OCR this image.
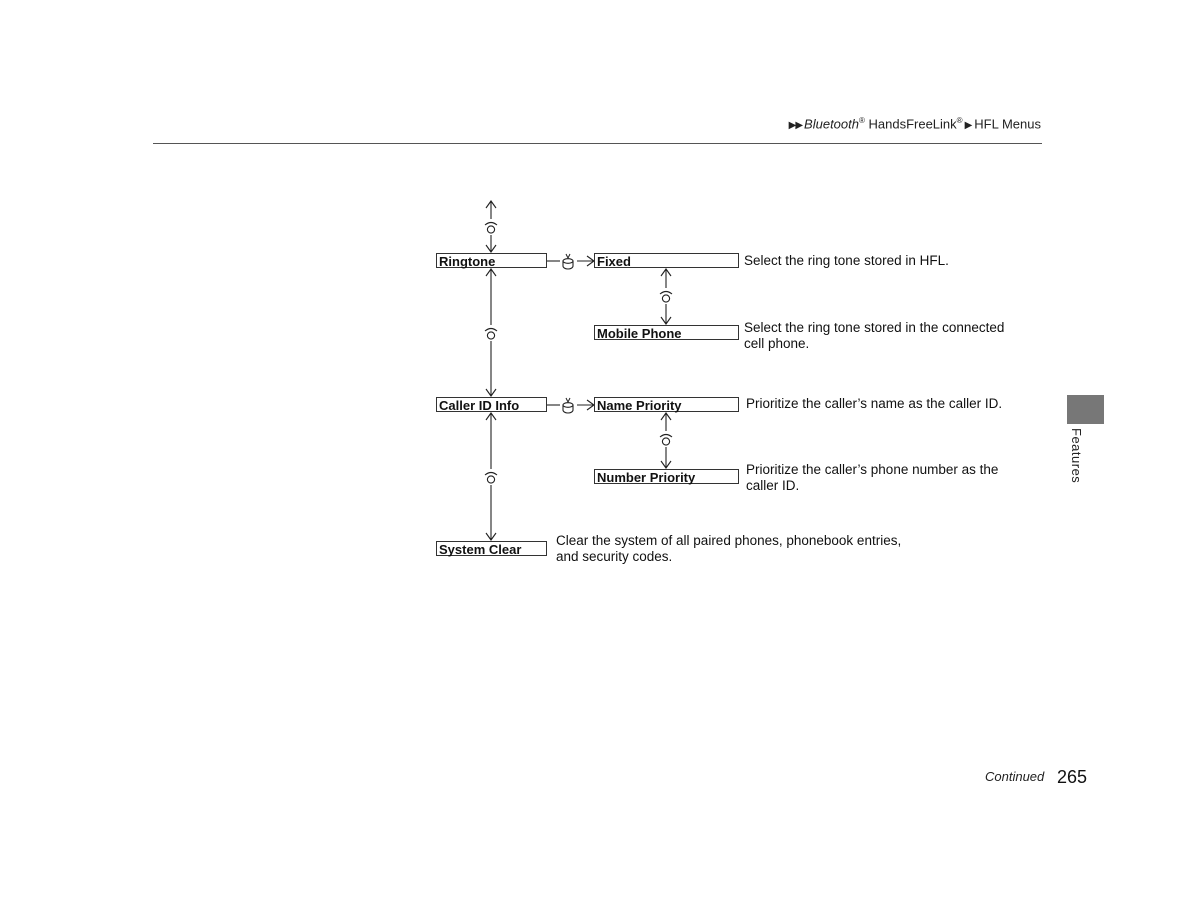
▶▶ Bluetooth® HandsFreeLink® ▶ HFL Menus
Ringtone	Fixed
Mobile Phone
Caller ID Info	Name Priority
Number Priority
System Clear
Select the ring tone stored in HFL.
Select the ring tone stored in the connected
cell phone.
Prioritize the caller’s name as the caller ID.
Prioritize the caller’s phone number as the
caller ID.
Clear the system of all paired phones, phonebook entries,
and security codes.
Features
Continued 265
